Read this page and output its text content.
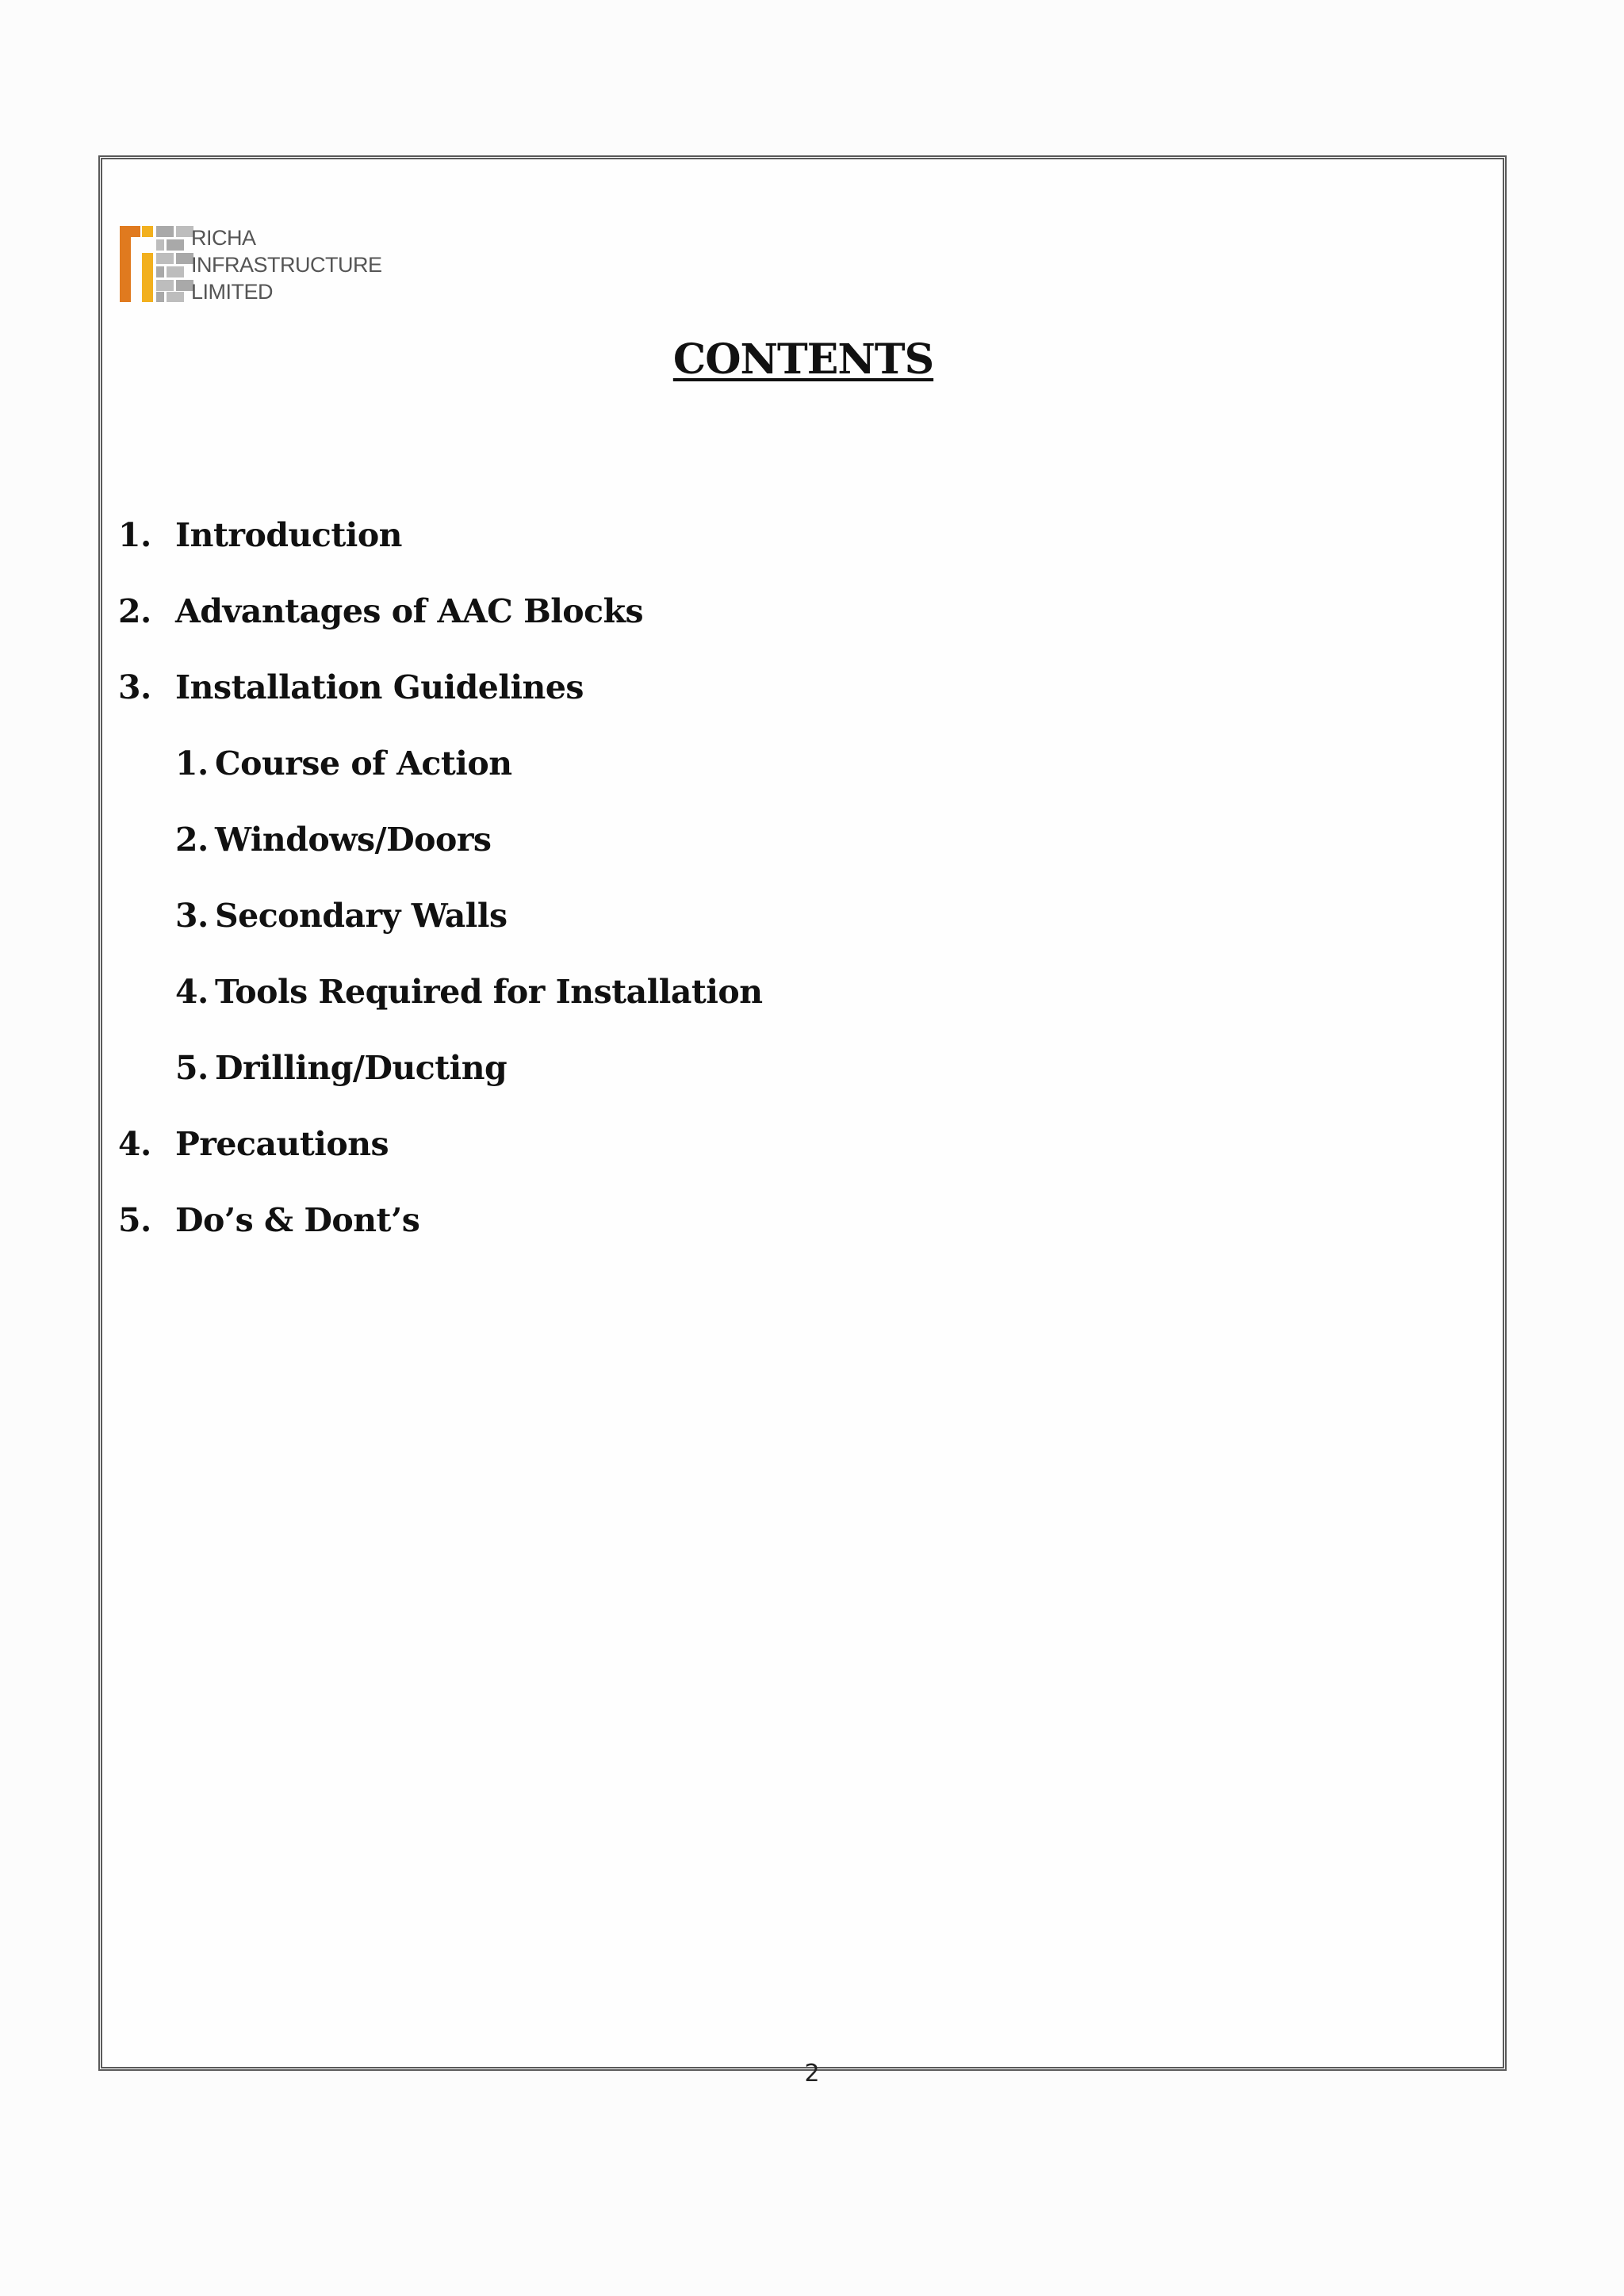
RICHA
INFRASTRUCTURE
LIMITED
CONTENTS
1. Introduction
2. Advantages of AAC Blocks
3. Installation Guidelines
1. Course of Action
2. Windows/Doors
3. Secondary Walls
4. Tools Required for Installation
5. Drilling/Ducting
4. Precautions
5. Do’s & Dont’s
2
